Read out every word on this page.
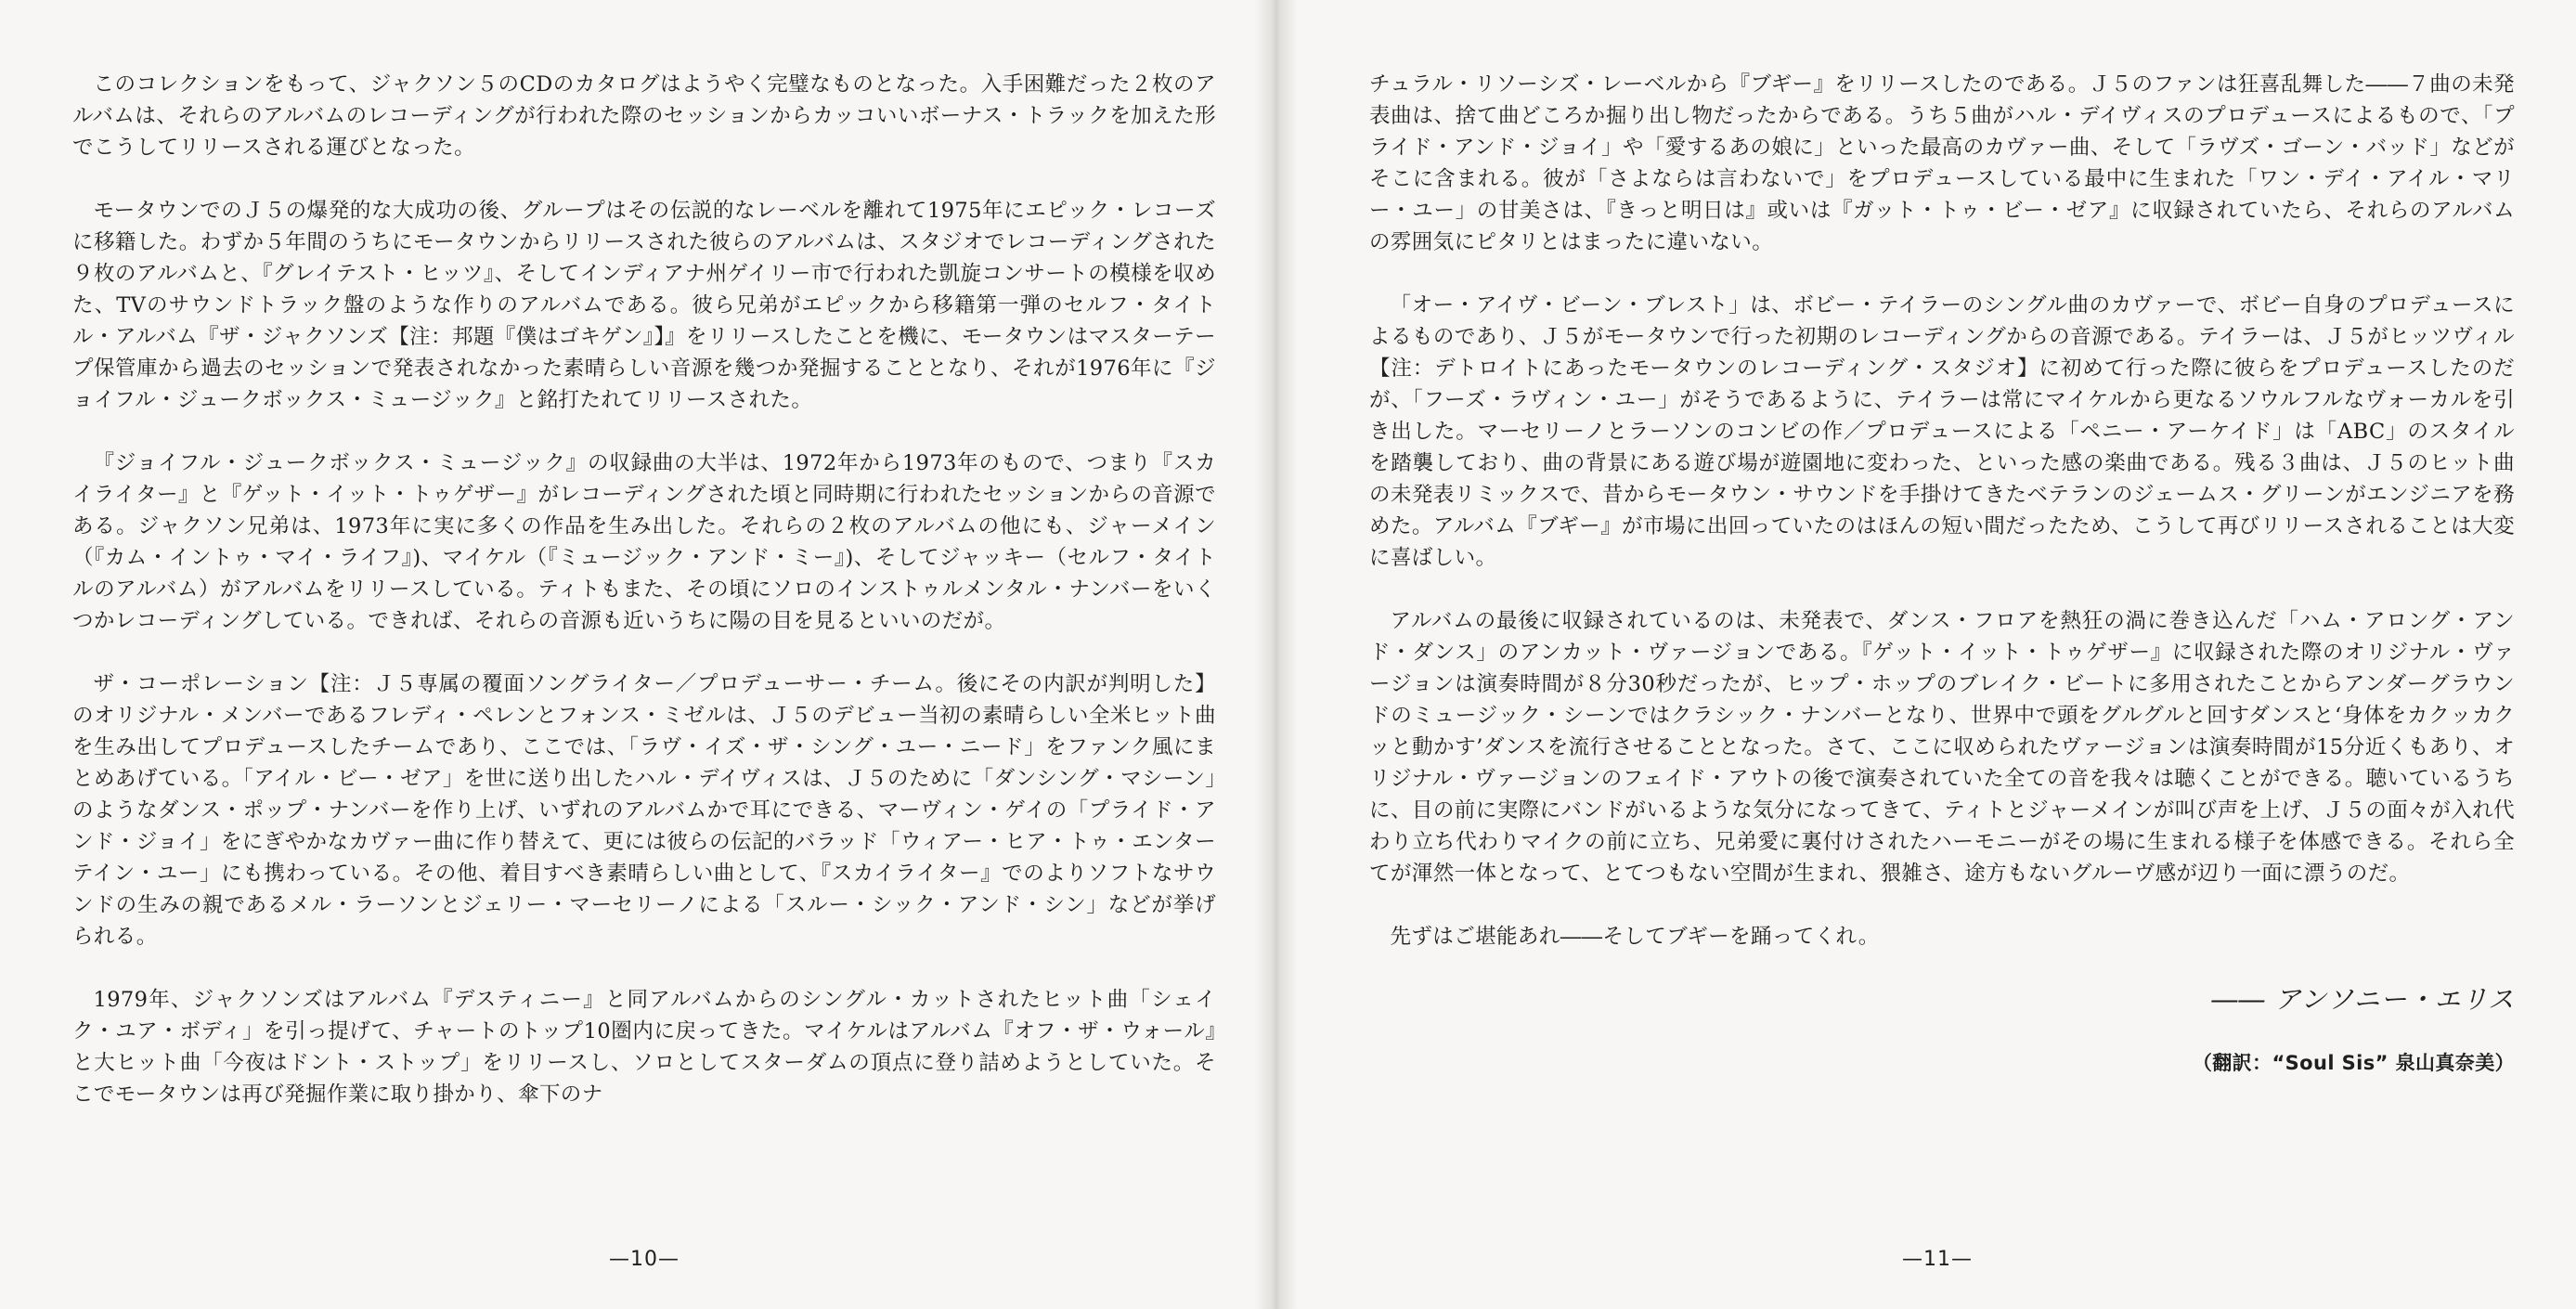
このコレクションをもって、ジャクソン５のCDのカタログはようやく完璧なものとなった。入手困難だった２枚のアルバムは、それらのアルバムのレコーディングが行われた際のセッションからカッコいいボーナス・トラックを加えた形でこうしてリリースされる運びとなった。

モータウンでのＪ５の爆発的な大成功の後、グループはその伝説的なレーベルを離れて1975年にエピック・レコーズに移籍した。わずか５年間のうちにモータウンからリリースされた彼らのアルバムは、スタジオでレコーディングされた９枚のアルバムと、『グレイテスト・ヒッツ』、そしてインディアナ州ゲイリー市で行われた凱旋コンサートの模様を収めた、TVのサウンドトラック盤のような作りのアルバムである。彼ら兄弟がエピックから移籍第一弾のセルフ・タイトル・アルバム『ザ・ジャクソンズ【注：邦題『僕はゴキゲン』】』をリリースしたことを機に、モータウンはマスターテープ保管庫から過去のセッションで発表されなかった素晴らしい音源を幾つか発掘することとなり、それが1976年に『ジョイフル・ジュークボックス・ミュージック』と銘打たれてリリースされた。

『ジョイフル・ジュークボックス・ミュージック』の収録曲の大半は、1972年から1973年のもので、つまり『スカイライター』と『ゲット・イット・トゥゲザー』がレコーディングされた頃と同時期に行われたセッションからの音源である。ジャクソン兄弟は、1973年に実に多くの作品を生み出した。それらの２枚のアルバムの他にも、ジャーメイン（『カム・イントゥ・マイ・ライフ』)、マイケル（『ミュージック・アンド・ミー』)、そしてジャッキー（セルフ・タイトルのアルバム）がアルバムをリリースしている。ティトもまた、その頃にソロのインストゥルメンタル・ナンバーをいくつかレコーディングしている。できれば、それらの音源も近いうちに陽の目を見るといいのだが。

ザ・コーポレーション【注：Ｊ５専属の覆面ソングライター／プロデューサー・チーム。後にその内訳が判明した】のオリジナル・メンバーであるフレディ・ペレンとフォンス・ミゼルは、Ｊ５のデビュー当初の素晴らしい全米ヒット曲を生み出してプロデュースしたチームであり、ここでは、「ラヴ・イズ・ザ・シング・ユー・ニード」をファンク風にまとめあげている。「アイル・ビー・ゼア」を世に送り出したハル・デイヴィスは、Ｊ５のために「ダンシング・マシーン」のようなダンス・ポップ・ナンバーを作り上げ、いずれのアルバムかで耳にできる、マーヴィン・ゲイの「プライド・アンド・ジョイ」をにぎやかなカヴァー曲に作り替えて、更には彼らの伝記的バラッド「ウィアー・ヒア・トゥ・エンターテイン・ユー」にも携わっている。その他、着目すべき素晴らしい曲として、『スカイライター』でのよりソフトなサウンドの生みの親であるメル・ラーソンとジェリー・マーセリーノによる「スルー・シック・アンド・シン」などが挙げられる。

1979年、ジャクソンズはアルバム『デスティニー』と同アルバムからのシングル・カットされたヒット曲「シェイク・ユア・ボディ」を引っ提げて、チャートのトップ10圏内に戻ってきた。マイケルはアルバム『オフ・ザ・ウォール』と大ヒット曲「今夜はドント・ストップ」をリリースし、ソロとしてスターダムの頂点に登り詰めようとしていた。そこでモータウンは再び発掘作業に取り掛かり、傘下のナ

—10—

チュラル・リソーシズ・レーベルから『ブギー』をリリースしたのである。Ｊ５のファンは狂喜乱舞した――７曲の未発表曲は、捨て曲どころか掘り出し物だったからである。うち５曲がハル・デイヴィスのプロデュースによるもので、「プライド・アンド・ジョイ」や「愛するあの娘に」といった最高のカヴァー曲、そして「ラヴズ・ゴーン・バッド」などがそこに含まれる。彼が「さよならは言わないで」をプロデュースしている最中に生まれた「ワン・デイ・アイル・マリー・ユー」の甘美さは、『きっと明日は』或いは『ガット・トゥ・ビー・ゼア』に収録されていたら、それらのアルバムの雰囲気にピタリとはまったに違いない。

「オー・アイヴ・ビーン・ブレスト」は、ボビー・テイラーのシングル曲のカヴァーで、ボビー自身のプロデュースによるものであり、Ｊ５がモータウンで行った初期のレコーディングからの音源である。テイラーは、Ｊ５がヒッツヴィル【注：デトロイトにあったモータウンのレコーディング・スタジオ】に初めて行った際に彼らをプロデュースしたのだが、「フーズ・ラヴィン・ユー」がそうであるように、テイラーは常にマイケルから更なるソウルフルなヴォーカルを引き出した。マーセリーノとラーソンのコンビの作／プロデュースによる「ペニー・アーケイド」は「ABC」のスタイルを踏襲しており、曲の背景にある遊び場が遊園地に変わった、といった感の楽曲である。残る３曲は、Ｊ５のヒット曲の未発表リミックスで、昔からモータウン・サウンドを手掛けてきたベテランのジェームス・グリーンがエンジニアを務めた。アルバム『ブギー』が市場に出回っていたのはほんの短い間だったため、こうして再びリリースされることは大変に喜ばしい。

アルバムの最後に収録されているのは、未発表で、ダンス・フロアを熱狂の渦に巻き込んだ「ハム・アロング・アンド・ダンス」のアンカット・ヴァージョンである。『ゲット・イット・トゥゲザー』に収録された際のオリジナル・ヴァージョンは演奏時間が８分30秒だったが、ヒップ・ホップのブレイク・ビートに多用されたことからアンダーグラウンドのミュージック・シーンではクラシック・ナンバーとなり、世界中で頭をグルグルと回すダンスと‘身体をカクッカクッと動かす’ダンスを流行させることとなった。さて、ここに収められたヴァージョンは演奏時間が15分近くもあり、オリジナル・ヴァージョンのフェイド・アウトの後で演奏されていた全ての音を我々は聴くことができる。聴いているうちに、目の前に実際にバンドがいるような気分になってきて、ティトとジャーメインが叫び声を上げ、Ｊ５の面々が入れ代わり立ち代わりマイクの前に立ち、兄弟愛に裏付けされたハーモニーがその場に生まれる様子を体感できる。それら全てが渾然一体となって、とてつもない空間が生まれ、猥雑さ、途方もないグルーヴ感が辺り一面に漂うのだ。

先ずはご堪能あれ――そしてブギーを踊ってくれ。

―― アンソニー・エリス

（翻訳：“Soul Sis” 泉山真奈美）

—11—
